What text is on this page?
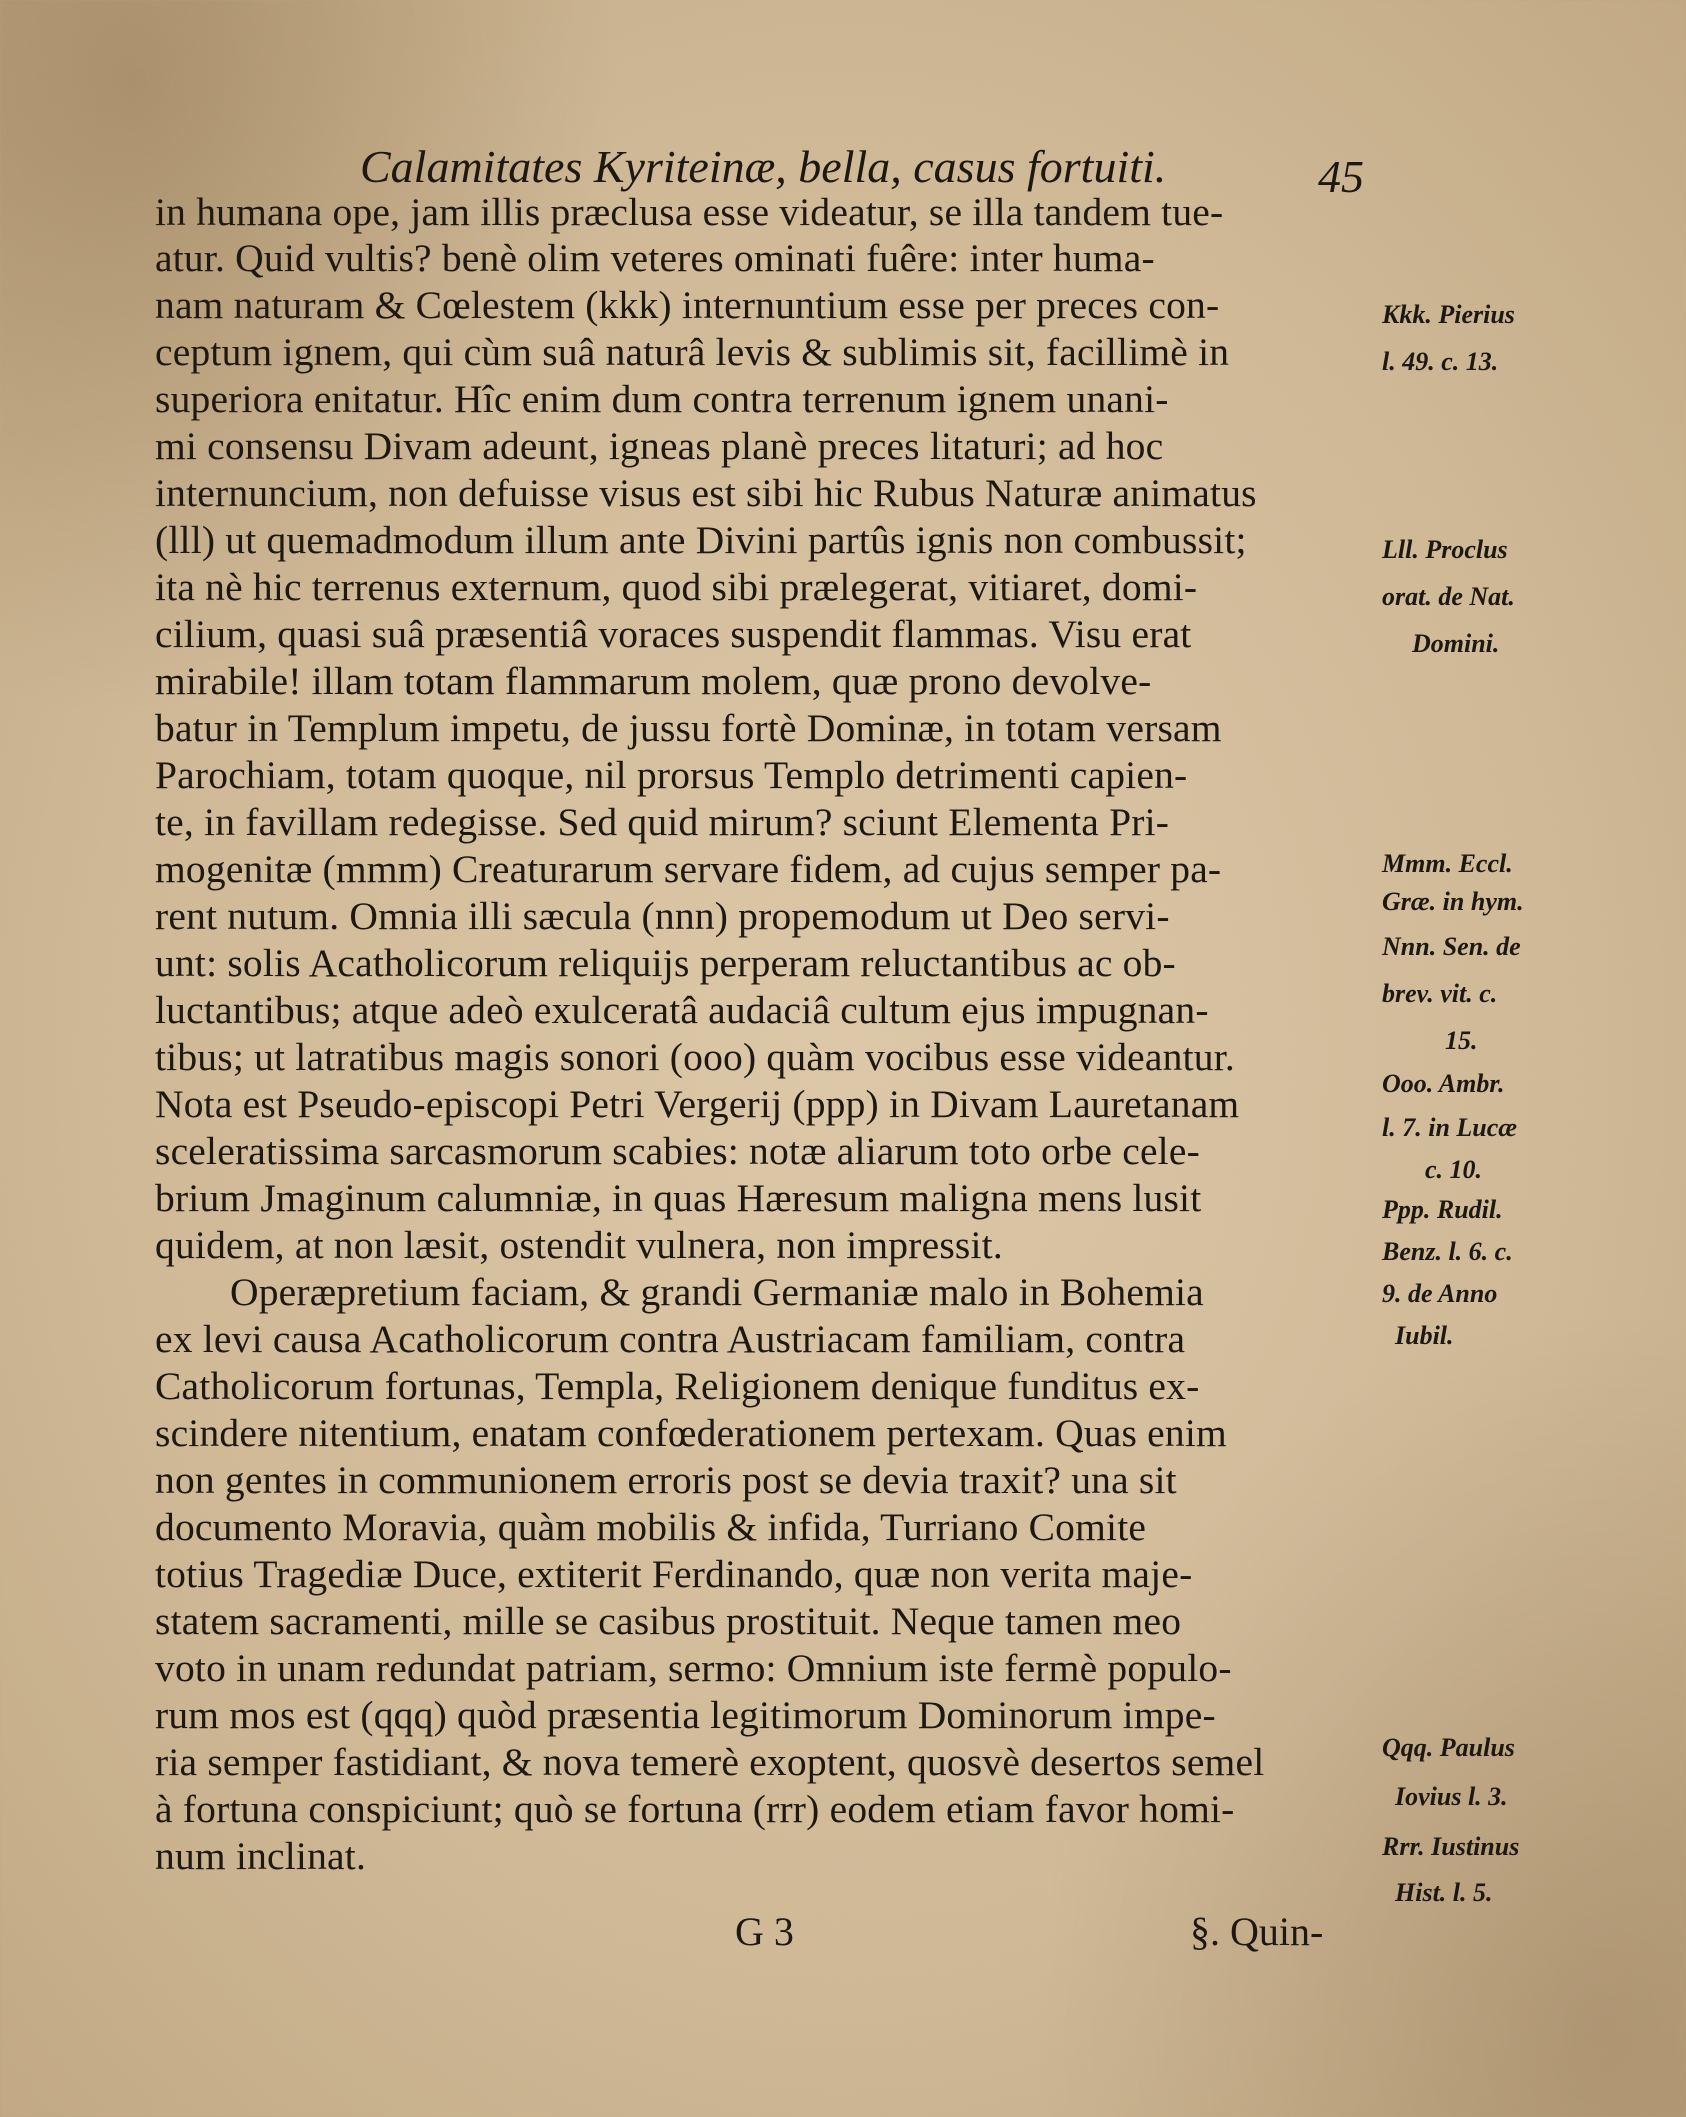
Calamitates Kyriteinæ, bella, casus fortuiti.	45
in humana ope, jam illis præclusa esse videatur, se illa tandem tue-
atur. Quid vultis? benè olim veteres ominati fuêre: inter huma-
nam naturam & Cœlestem (kkk) internuntium esse per preces con-
ceptum ignem, qui cùm suâ naturâ levis & sublimis sit, facillimè in
superiora enitatur. Hîc enim dum contra terrenum ignem unani-
mi consensu Divam adeunt, igneas planè preces litaturi; ad hoc
internuncium, non defuisse visus est sibi hic Rubus Naturæ animatus
(lll) ut quemadmodum illum ante Divini partûs ignis non combussit;
ita nè hic terrenus externum, quod sibi prælegerat, vitiaret, domi-
cilium, quasi suâ præsentiâ voraces suspendit flammas. Visu erat
mirabile! illam totam flammarum molem, quæ prono devolve-
batur in Templum impetu, de jussu fortè Dominæ, in totam versam
Parochiam, totam quoque, nil prorsus Templo detrimenti capien-
te, in favillam redegisse. Sed quid mirum? sciunt Elementa Pri-
mogenitæ (mmm) Creaturarum servare fidem, ad cujus semper pa-
rent nutum. Omnia illi sæcula (nnn) propemodum ut Deo servi-
unt: solis Acatholicorum reliquijs perperam reluctantibus ac ob-
luctantibus; atque adeò exulceratâ audaciâ cultum ejus impugnan-
tibus; ut latratibus magis sonori (ooo) quàm vocibus esse videantur.
Nota est Pseudo-episcopi Petri Vergerij (ppp) in Divam Lauretanam
sceleratissima sarcasmorum scabies: notæ aliarum toto orbe cele-
brium Jmaginum calumniæ, in quas Hæresum maligna mens lusit
quidem, at non læsit, ostendit vulnera, non impressit.
Operæpretium faciam, & grandi Germaniæ malo in Bohemia
ex levi causa Acatholicorum contra Austriacam familiam, contra
Catholicorum fortunas, Templa, Religionem denique funditus ex-
scindere nitentium, enatam confœderationem pertexam. Quas enim
non gentes in communionem erroris post se devia traxit? una sit
documento Moravia, quàm mobilis & infida, Turriano Comite
totius Tragediæ Duce, extiterit Ferdinando, quæ non verita maje-
statem sacramenti, mille se casibus prostituit. Neque tamen meo
voto in unam redundat patriam, sermo: Omnium iste fermè populo-
rum mos est (qqq) quòd præsentia legitimorum Dominorum impe-
ria semper fastidiant, & nova temerè exoptent, quosvè desertos semel
à fortuna conspiciunt; quò se fortuna (rrr) eodem etiam favor homi-
num inclinat.
Kkk. Pierius
l. 49. c. 13.
Lll. Proclus
orat. de Nat.
Domini.
Mmm. Eccl.
Græ. in hym.
Nnn. Sen. de
brev. vit. c.
15.
Ooo. Ambr.
l. 7. in Lucæ
c. 10.
Ppp. Rudil.
Benz. l. 6. c.
9. de Anno
Iubil.
Qqq. Paulus
Iovius l. 3.
Rrr. Iustinus
Hist. l. 5.
G 3	§. Quin-
